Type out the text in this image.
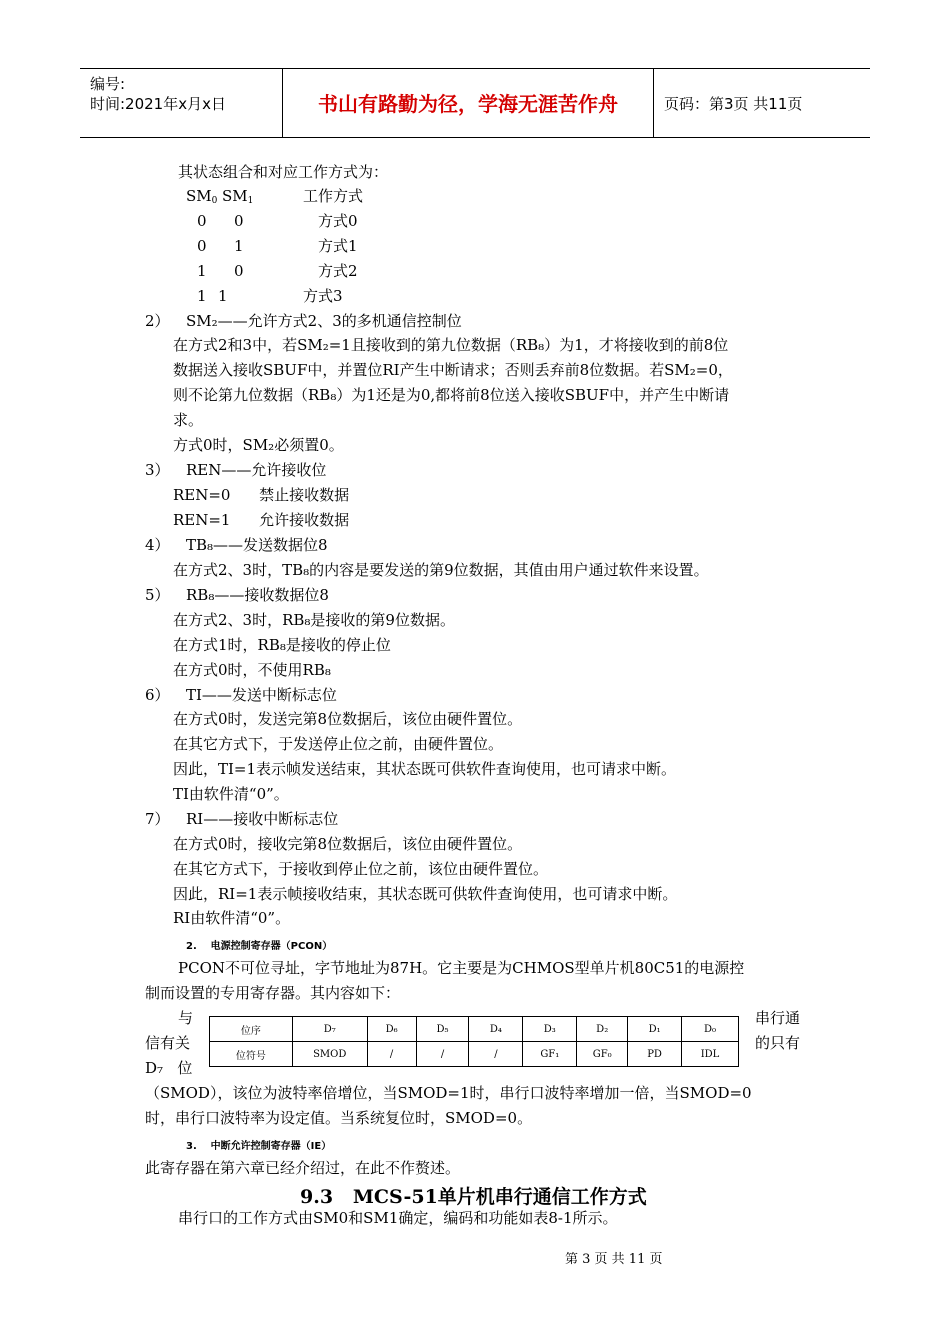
编号:
时间:2021年x月x日	书山有路勤为径，学海无涯苦作舟	页码：第3页 共11页
其状态组合和对应工作方式为：
$SM_0$ $SM_1$	工作方式
0 0	方式0
0 1	方式1
1 0	方式2
1 1	方式3
2） SM₂——允许方式2、3的多机通信控制位
在方式2和3中，若SM₂=1且接收到的第九位数据（RB₈）为1，才将接收到的前8位
数据送入接收SBUF中，并置位RI产生中断请求；否则丢弃前8位数据。若SM₂=0，
则不论第九位数据（RB₈）为1还是为0,都将前8位送入接收SBUF中，并产生中断请
求。
方式0时，SM₂必须置0。
3） REN——允许接收位
REN=0      禁止接收数据
REN=1      允许接收数据
4） TB₈——发送数据位8
在方式2、3时，TB₈的内容是要发送的第9位数据，其值由用户通过软件来设置。
5） RB₈——接收数据位8
在方式2、3时，RB₈是接收的第9位数据。
在方式1时，RB₈是接收的停止位
在方式0时，不使用RB₈
6） TI——发送中断标志位
在方式0时，发送完第8位数据后，该位由硬件置位。
在其它方式下，于发送停止位之前，由硬件置位。
因此，TI=1表示帧发送结束，其状态既可供软件查询使用，也可请求中断。
TI由软件清“0”。
7） RI——接收中断标志位
在方式0时，接收完第8位数据后，该位由硬件置位。
在其它方式下，于接收到停止位之前，该位由硬件置位。
因此，RI=1表示帧接收结束，其状态既可供软件查询使用，也可请求中断。
RI由软件清“0”。
2.    电源控制寄存器（PCON）
PCON不可位寻址，字节地址为87H。它主要是为CHMOS型单片机80C51的电源控
制而设置的专用寄存器。其内容如下：
与
信有关
D₇   位
串行通
的只有
位序	D₇	D₆	D₅	D₄	D₃	D₂	D₁	D₀
位符号	SMOD	/	/	/	GF₁	GF₀	PD	IDL
（SMOD），该位为波特率倍增位，当SMOD=1时，串行口波特率增加一倍，当SMOD=0
时，串行口波特率为设定值。当系统复位时，SMOD=0。
3.    中断允许控制寄存器（IE）
此寄存器在第六章已经介绍过，在此不作赘述。
9.3   MCS-51单片机串行通信工作方式
串行口的工作方式由SM0和SM1确定，编码和功能如表8-1所示。
第 3 页 共 11 页
